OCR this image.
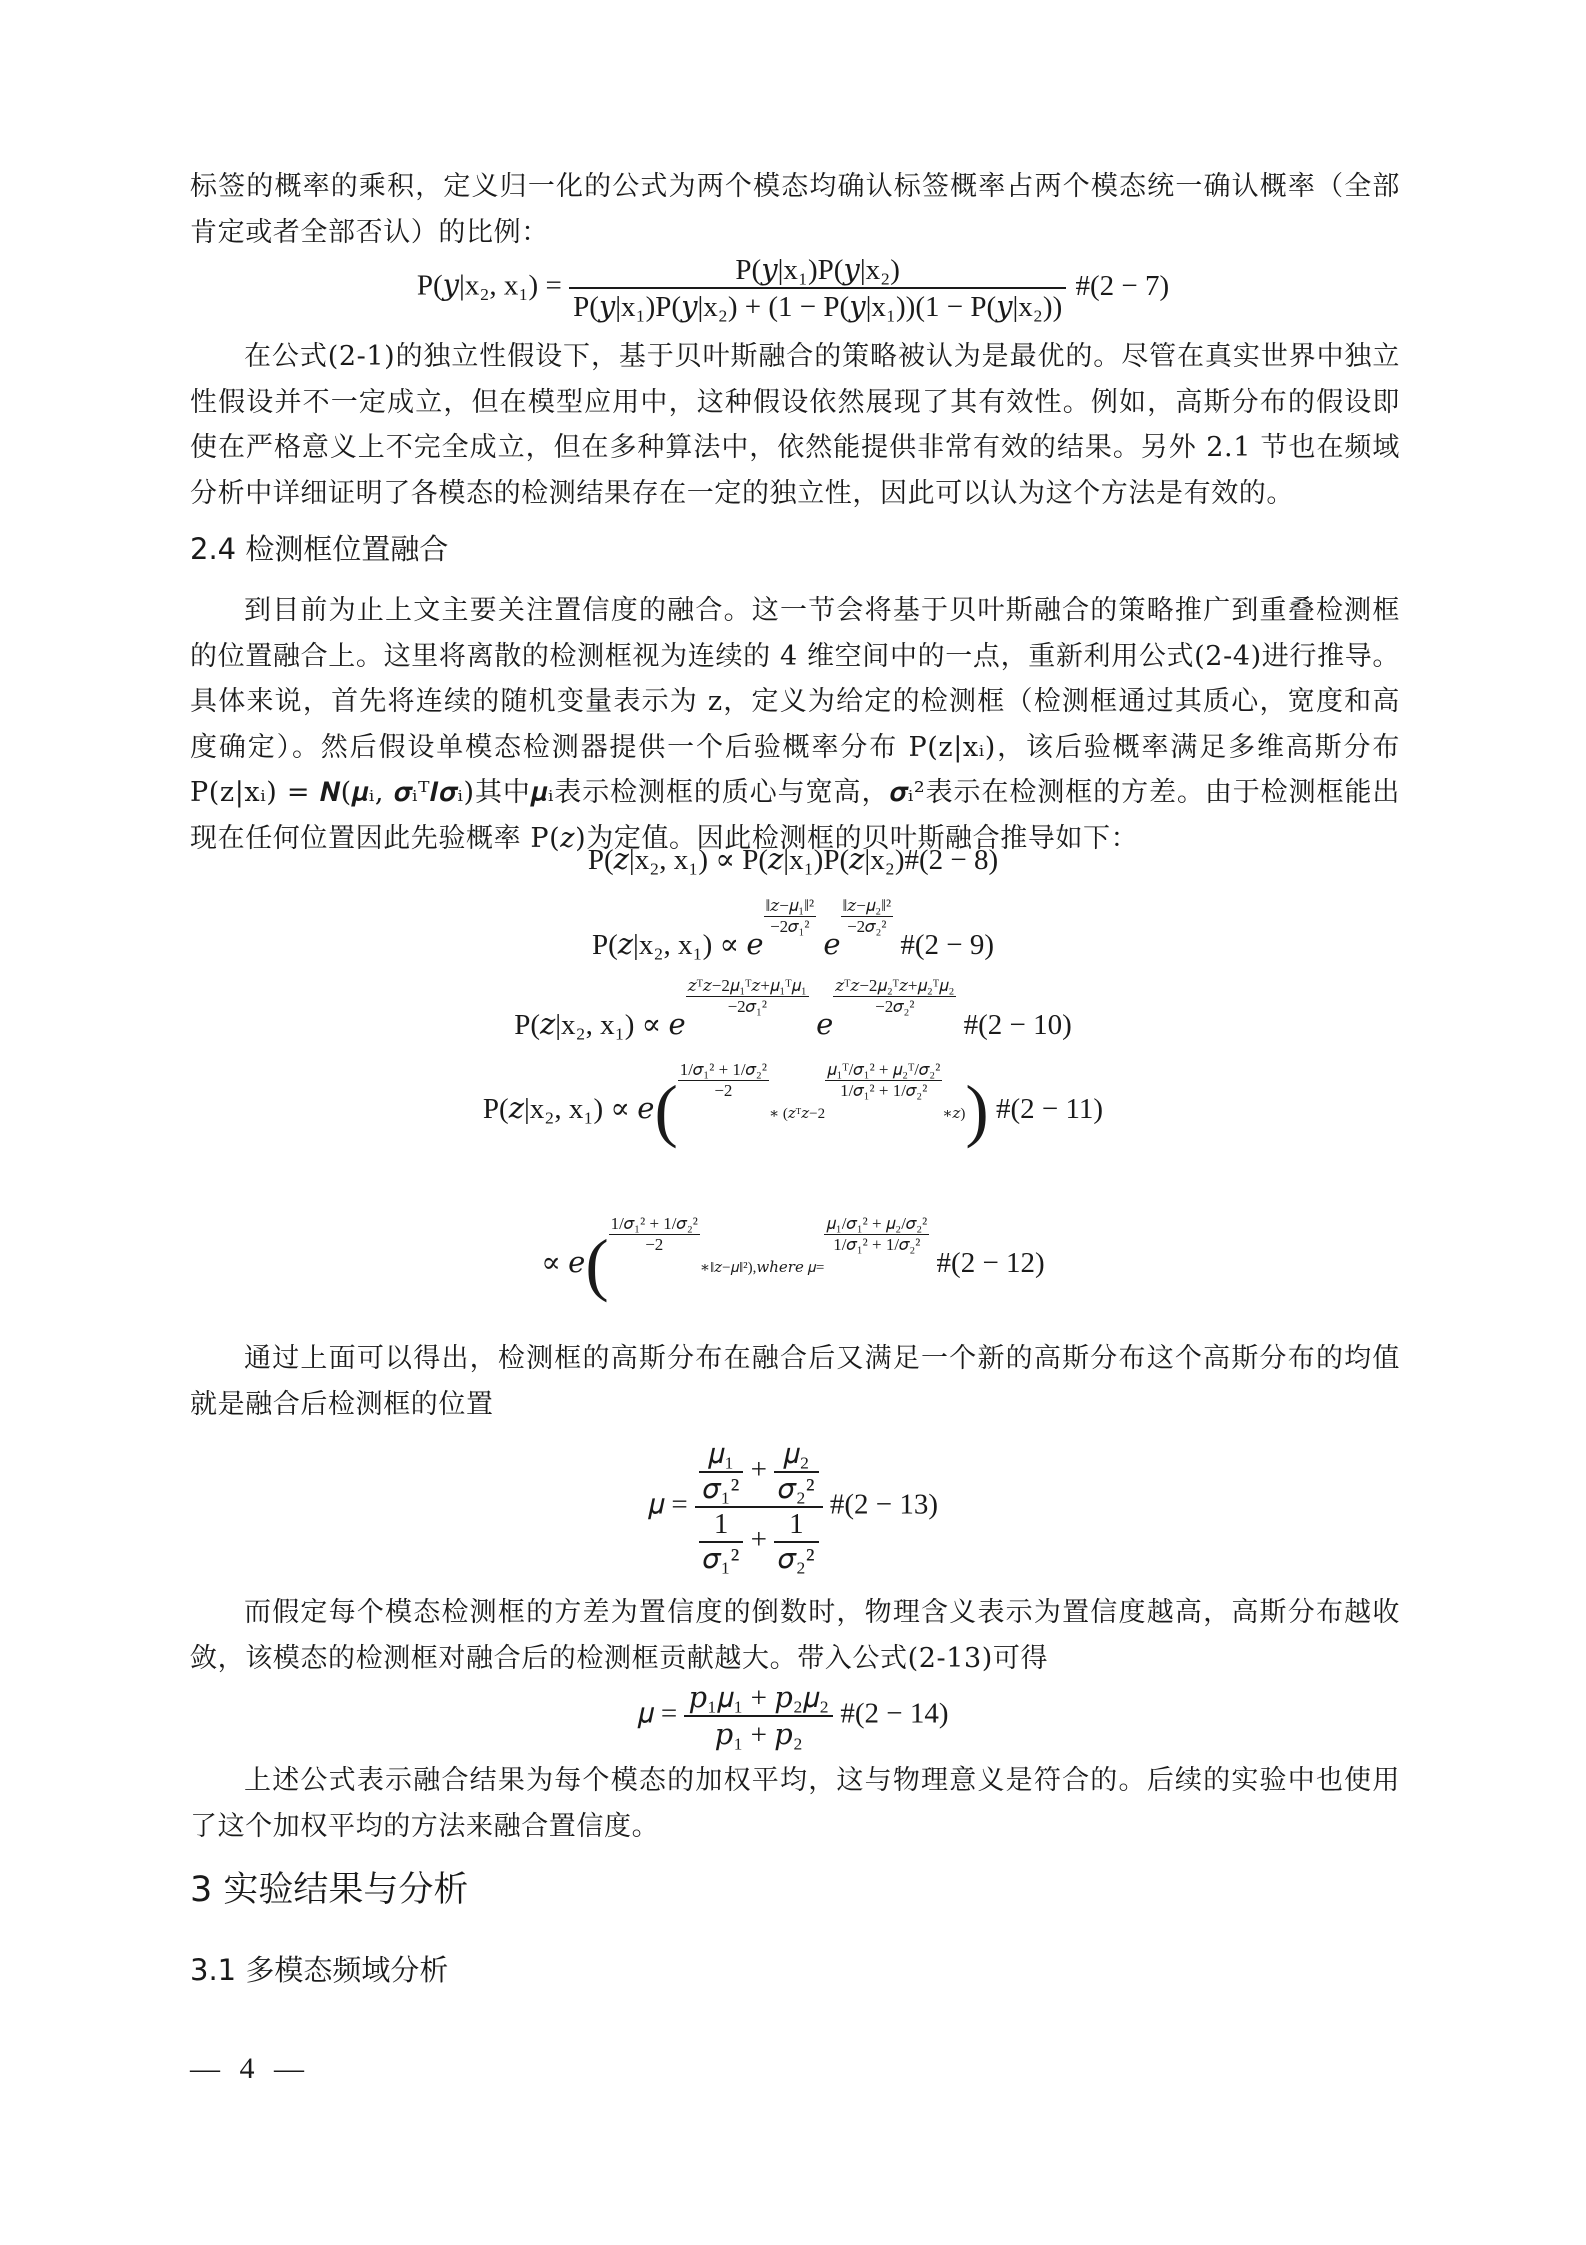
标签的概率的乘积，定义归一化的公式为两个模态均确认标签概率占两个模态统一确认概率（全部肯定或者全部否认）的比例：

P(𝑦|x₂, $x_1) = \frac{\text{P(𝑦|x₁)P(𝑦|x₂)}}{\text{P(𝑦|x₁)P(𝑦|x₂) + (1 − P(𝑦|x₁))(1 − P(𝑦|x₂))}}$ #(2 − 7)

在公式(2-1)的独立性假设下，基于贝叶斯融合的策略被认为是最优的。尽管在真实世界中独立性假设并不一定成立，但在模型应用中，这种假设依然展现了其有效性。例如，高斯分布的假设即使在严格意义上不完全成立，但在多种算法中，依然能提供非常有效的结果。另外 2.1 节也在频域分析中详细证明了各模态的检测结果存在一定的独立性，因此可以认为这个方法是有效的。

2.4 检测框位置融合

到目前为止上文主要关注置信度的融合。这一节会将基于贝叶斯融合的策略推广到重叠检测框的位置融合上。这里将离散的检测框视为连续的 4 维空间中的一点，重新利用公式(2-4)进行推导。具体来说，首先将连续的随机变量表示为 z，定义为给定的检测框（检测框通过其质心，宽度和高度确定）。然后假设单模态检测器提供一个后验概率分布 P(z|xᵢ)，该后验概率满足多维高斯分布 P(z|xᵢ) = 𝑵(𝝁ᵢ, 𝝈ᵢᵀ𝑰𝝈ᵢ)其中𝝁ᵢ表示检测框的质心与宽高，𝝈ᵢ²表示在检测框的方差。由于检测框能出现在任何位置因此先验概率 P(𝑧)为定值。因此检测框的贝叶斯融合推导如下：

P(𝑧|x₂, x₁) ∝ P(𝑧|x₁)P(𝑧|x₂)#(2 − 8)
P(𝑧|x₂, x₁) ∝ 𝑒
‖𝑧−𝜇₁‖²
−2𝜎₁²
𝑒
‖𝑧−𝜇₂‖²
−2𝜎₂²
#(2 − 9)
P(𝑧|x₂, x₁) ∝ 𝑒
𝑧ᵀ𝑧−2𝜇₁ᵀ𝑧+𝜇₁ᵀ𝜇₁
−2𝜎₁²
𝑒
𝑧ᵀ𝑧−2𝜇₂ᵀ𝑧+𝜇₂ᵀ𝜇₂
−2𝜎₂²
#(2 − 10)
P(𝑧|x₂, x₁) ∝ 𝑒(
1/𝜎₁² + 1/𝜎₂²
−2
∗ (𝑧ᵀ𝑧−2
𝜇₁ᵀ/𝜎₁² + 𝜇₂ᵀ/𝜎₂²
1/𝜎₁² + 1/𝜎₂²
∗𝑧)) #(2 − 11)
∝ 𝑒(
1/𝜎₁² + 1/𝜎₂²
−2
∗‖𝑧−𝜇‖²),𝑤ℎ𝑒𝑟𝑒 𝜇=
𝜇₁/𝜎₁² + 𝜇₂/𝜎₂²
1/𝜎₁² + 1/𝜎₂²
#(2 − 12)

通过上面可以得出，检测框的高斯分布在融合后又满足一个新的高斯分布这个高斯分布的均值就是融合后检测框的位置

𝜇 = $\frac{\frac{\text{𝜇₁}}{\text{𝜎₁²}} + \frac{\text{𝜇₂}}{\text{𝜎₂²}}}{\frac{1}{\text{𝜎₁²}} + \frac{1}{\text{𝜎₂²}}}$ #(2 − 13)

而假定每个模态检测框的方差为置信度的倒数时，物理含义表示为置信度越高，高斯分布越收敛，该模态的检测框对融合后的检测框贡献越大。带入公式(2-13)可得

𝜇 = $\frac{\text{𝑝₁𝜇₁ + 𝑝₂𝜇₂}}{\text{𝑝₁ + 𝑝₂}}$ #(2 − 14)

上述公式表示融合结果为每个模态的加权平均，这与物理意义是符合的。后续的实验中也使用了这个加权平均的方法来融合置信度。

3 实验结果与分析
3.1 多模态频域分析
— 4 —
